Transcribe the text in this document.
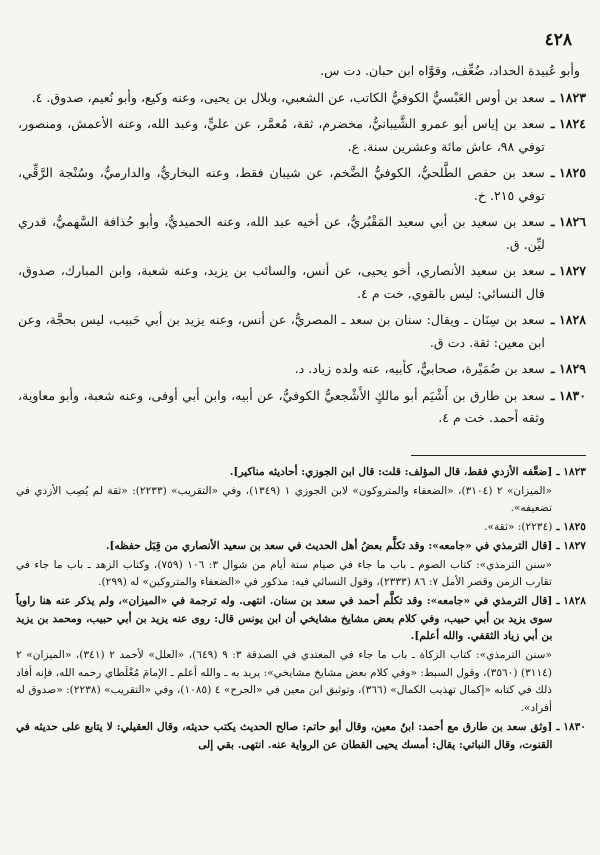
٤٢٨
وأبو عُبيدة الحداد، ضُعِّف، وقوَّاه ابن حبان. دت س.
١٨٢٣ ـ
سعد بن أوس العَبْسيُّ الكوفيُّ الكاتب، عن الشعبي، وبلال بن يحيى، وعنه وكيع، وأبو نُعيم، صدوق. ٤.
١٨٢٤ ـ
سعد بن إياس أبو عمرو الشَّيبانيُّ، مخضرم، ثقة، مُعمَّر، عن عليٍّ، وعبد الله، وعنه الأعمش، ومنصور، توفي ٩٨، عاش مائة وعشرين سنة. ع.
١٨٢٥ ـ
سعد بن حفص الطَّلحيُّ، الكوفيُّ الضَّخم، عن شيبان فقط، وعنه البخاريُّ، والدارميُّ، وسُنْجة الرَّقِّي، توفي ٢١٥. خ.
١٨٢٦ ـ
سعد بن سعيد بن أبي سعيد المَقْبُريُّ، عن أخيه عبد الله، وعنه الحميديُّ، وأبو حُذافة السَّهميُّ، قدري ليِّن. ق.
١٨٢٧ ـ
سعد بن سعيد الأنصاري، أخو يحيى، عن أنس، والسائب بن يزيد، وعنه شعبة، وابن المبارك، صدوق، قال النسائي: ليس بالقوي. خت م ٤.
١٨٢٨ ـ
سعد بن سِنَان ـ ويقال: سنان بن سعد ـ المصريُّ، عن أنس، وعنه يزيد بن أبي حَبيب، ليس بحجَّة، وعن ابن معين: ثقة. دت ق.
١٨٢٩ ـ
سعد بن ضُمَيْرة، صحابيٌّ، كأبيه، عنه ولده زياد. د.
١٨٣٠ ـ
سعد بن طارق بن أَشْيَم أبو مالكٍ الأَشْجعيُّ الكوفيُّ، عن أبيه، وابن أبي أوفى، وعنه شعبة، وأبو معاوية، وثقه أحمد. خت م ٤.
١٨٢٣ ـ
[ضعَّفه الأزدي فقط، قال المؤلف: قلت: قال ابن الجوزي: أحاديثه مناكير].
«الميزان» ٢ (٣١٠٤)، «الضعفاء والمتروكون» لابن الجوزي ١ (١٣٤٩)، وفي «التقريب» (٢٢٣٣): «ثقة لم يُصِب الأزدي في تضعيفه».
١٨٢٥ ـ
(٢٢٣٤): «ثقة».
١٨٢٧ ـ
[قال الترمذي في «جامعه»: وقد تكلَّم بعضُ أهل الحديث في سعد بن سعيد الأنصاري من قِبَل حفظه].
«سنن الترمذي»: كتاب الصوم ـ باب ما جاء في صيام ستة أيام من شوال ٣: ١٠٦ (٧٥٩)، وكتاب الزهد ـ باب ما جاء في تقارب الزمن وقصر الأمل ٧: ٨٦ (٢٣٣٣)، وقول النسائي فيه: مذكور في «الضعفاء والمتروكين» له (٢٩٩).
١٨٢٨ ـ
[قال الترمذي في «جامعه»: وقد تكلَّم أحمد في سعد بن سنان. انتهى. وله ترجمة في «الميزان»، ولم يذكر عنه هنا راوياً سوى يزيد بن أبي حبيب، وفي كلام بعض مشايخ مشايخي أن ابن يونس قال: روى عنه يزيد بن أبي حبيب، ومحمد بن يزيد بن أبي زياد الثقفي. والله أعلم].
«سنن الترمذي»: كتاب الزكاة ـ باب ما جاء في المعتدي في الصدقة ٣: ٩ (٦٤٩)، «العلل» لأحمد ٢ (٣٤١)، «الميزان» ٢ (٣١١٤) (٣٥٦٠)، وقول السبط: «وفي كلام بعض مشايخ مشايخي»: يريد به ـ والله أعلم ـ الإمامَ مُغْلَطاي رحمه الله، فإنه أفاد ذلك في كتابه «إكمال تهذيب الكمال» (٣٦٦)، وتوثيق ابن معين في «الجرح» ٤ (١٠٨٥)، وفي «التقريب» (٢٢٣٨): «صدوق له أفراد».
١٨٣٠ ـ
[وثق سعد بن طارق مع أحمد: ابنُ معين، وقال أبو حاتم: صالح الحديث يكتب حديثه، وقال العقيلي: لا يتابع على حديثه في القنوت، وقال النباتي: يقال: أمسك يحيى القطان عن الرواية عنه. انتهى. بقي إلى
